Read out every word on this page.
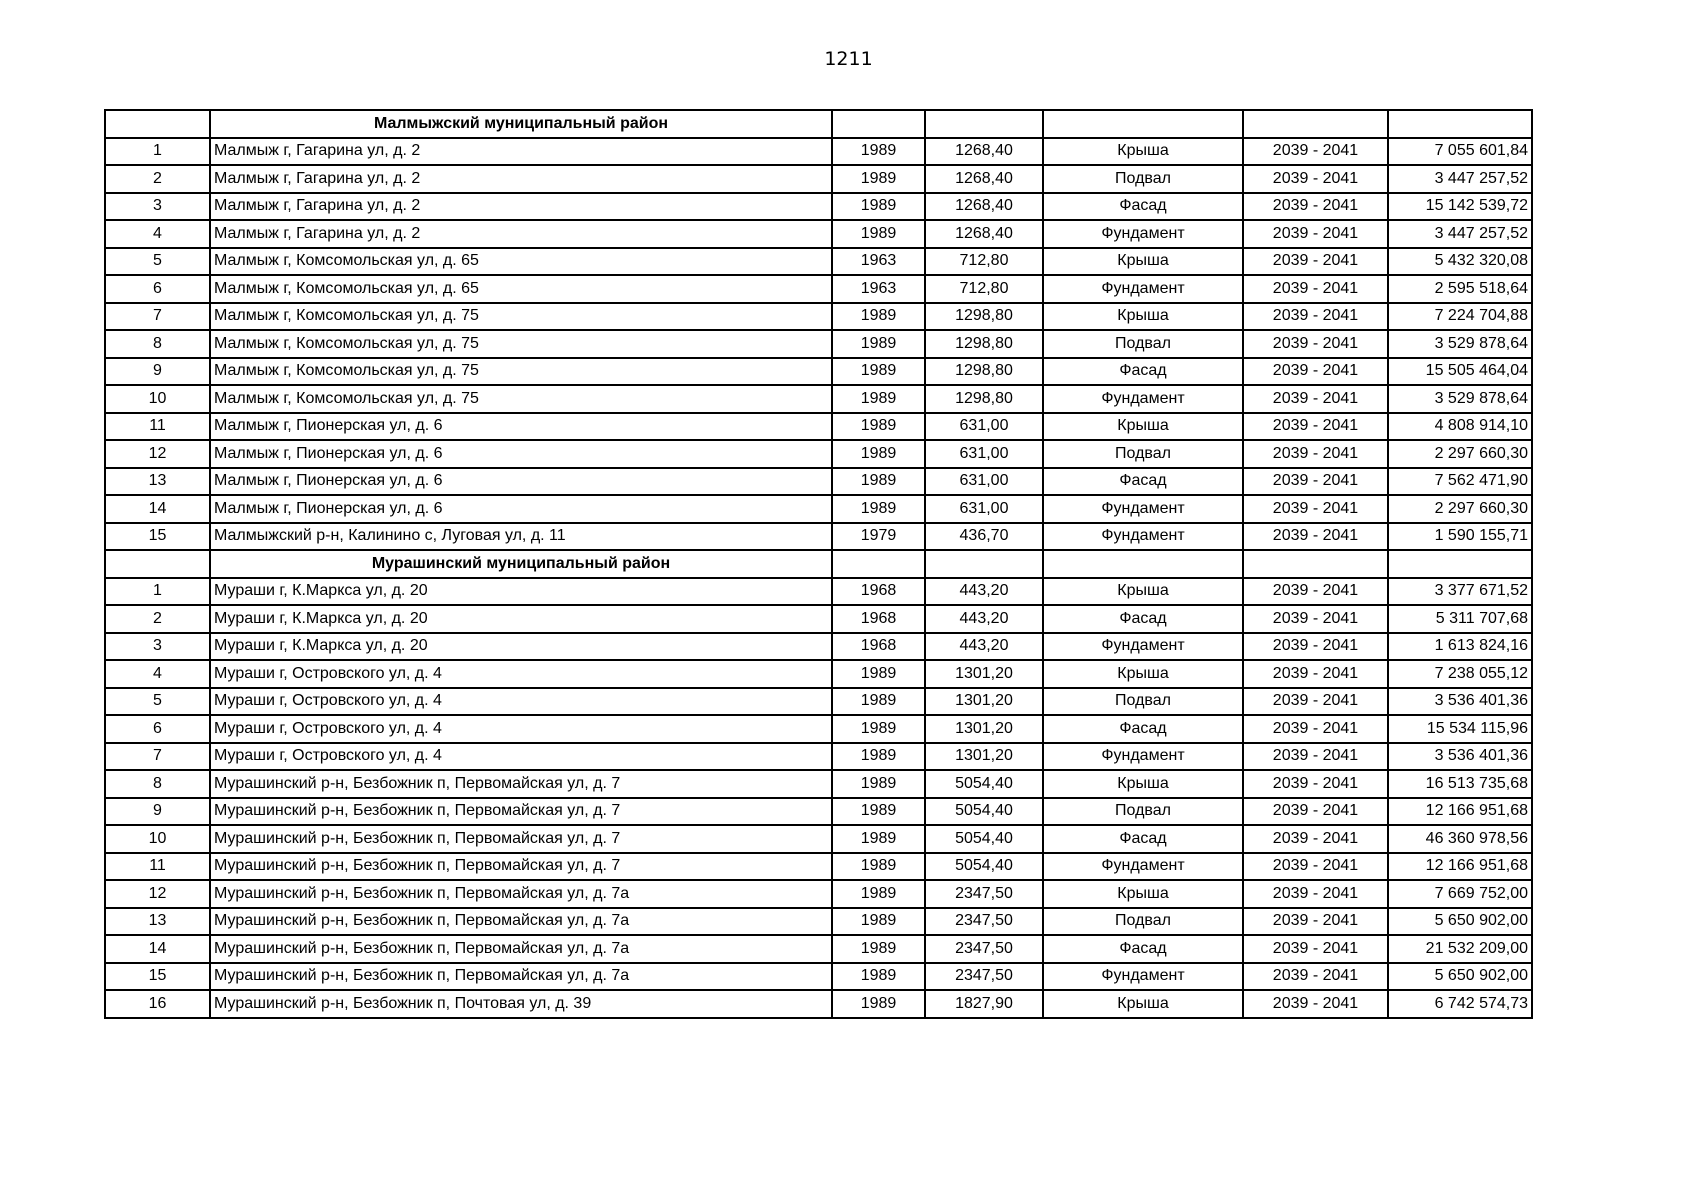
1211
	Малмыжский муниципальный район					
1	Малмыж г, Гагарина ул, д. 2	1989	1268,40	Крыша	2039 - 2041	7 055 601,84
2	Малмыж г, Гагарина ул, д. 2	1989	1268,40	Подвал	2039 - 2041	3 447 257,52
3	Малмыж г, Гагарина ул, д. 2	1989	1268,40	Фасад	2039 - 2041	15 142 539,72
4	Малмыж г, Гагарина ул, д. 2	1989	1268,40	Фундамент	2039 - 2041	3 447 257,52
5	Малмыж г, Комсомольская ул, д. 65	1963	712,80	Крыша	2039 - 2041	5 432 320,08
6	Малмыж г, Комсомольская ул, д. 65	1963	712,80	Фундамент	2039 - 2041	2 595 518,64
7	Малмыж г, Комсомольская ул, д. 75	1989	1298,80	Крыша	2039 - 2041	7 224 704,88
8	Малмыж г, Комсомольская ул, д. 75	1989	1298,80	Подвал	2039 - 2041	3 529 878,64
9	Малмыж г, Комсомольская ул, д. 75	1989	1298,80	Фасад	2039 - 2041	15 505 464,04
10	Малмыж г, Комсомольская ул, д. 75	1989	1298,80	Фундамент	2039 - 2041	3 529 878,64
11	Малмыж г, Пионерская ул, д. 6	1989	631,00	Крыша	2039 - 2041	4 808 914,10
12	Малмыж г, Пионерская ул, д. 6	1989	631,00	Подвал	2039 - 2041	2 297 660,30
13	Малмыж г, Пионерская ул, д. 6	1989	631,00	Фасад	2039 - 2041	7 562 471,90
14	Малмыж г, Пионерская ул, д. 6	1989	631,00	Фундамент	2039 - 2041	2 297 660,30
15	Малмыжский р-н, Калинино с, Луговая ул, д. 11	1979	436,70	Фундамент	2039 - 2041	1 590 155,71
	Мурашинский муниципальный район					
1	Мураши г, К.Маркса ул, д. 20	1968	443,20	Крыша	2039 - 2041	3 377 671,52
2	Мураши г, К.Маркса ул, д. 20	1968	443,20	Фасад	2039 - 2041	5 311 707,68
3	Мураши г, К.Маркса ул, д. 20	1968	443,20	Фундамент	2039 - 2041	1 613 824,16
4	Мураши г, Островского ул, д. 4	1989	1301,20	Крыша	2039 - 2041	7 238 055,12
5	Мураши г, Островского ул, д. 4	1989	1301,20	Подвал	2039 - 2041	3 536 401,36
6	Мураши г, Островского ул, д. 4	1989	1301,20	Фасад	2039 - 2041	15 534 115,96
7	Мураши г, Островского ул, д. 4	1989	1301,20	Фундамент	2039 - 2041	3 536 401,36
8	Мурашинский р-н, Безбожник п, Первомайская ул, д. 7	1989	5054,40	Крыша	2039 - 2041	16 513 735,68
9	Мурашинский р-н, Безбожник п, Первомайская ул, д. 7	1989	5054,40	Подвал	2039 - 2041	12 166 951,68
10	Мурашинский р-н, Безбожник п, Первомайская ул, д. 7	1989	5054,40	Фасад	2039 - 2041	46 360 978,56
11	Мурашинский р-н, Безбожник п, Первомайская ул, д. 7	1989	5054,40	Фундамент	2039 - 2041	12 166 951,68
12	Мурашинский р-н, Безбожник п, Первомайская ул, д. 7а	1989	2347,50	Крыша	2039 - 2041	7 669 752,00
13	Мурашинский р-н, Безбожник п, Первомайская ул, д. 7а	1989	2347,50	Подвал	2039 - 2041	5 650 902,00
14	Мурашинский р-н, Безбожник п, Первомайская ул, д. 7а	1989	2347,50	Фасад	2039 - 2041	21 532 209,00
15	Мурашинский р-н, Безбожник п, Первомайская ул, д. 7а	1989	2347,50	Фундамент	2039 - 2041	5 650 902,00
16	Мурашинский р-н, Безбожник п, Почтовая ул, д. 39	1989	1827,90	Крыша	2039 - 2041	6 742 574,73
